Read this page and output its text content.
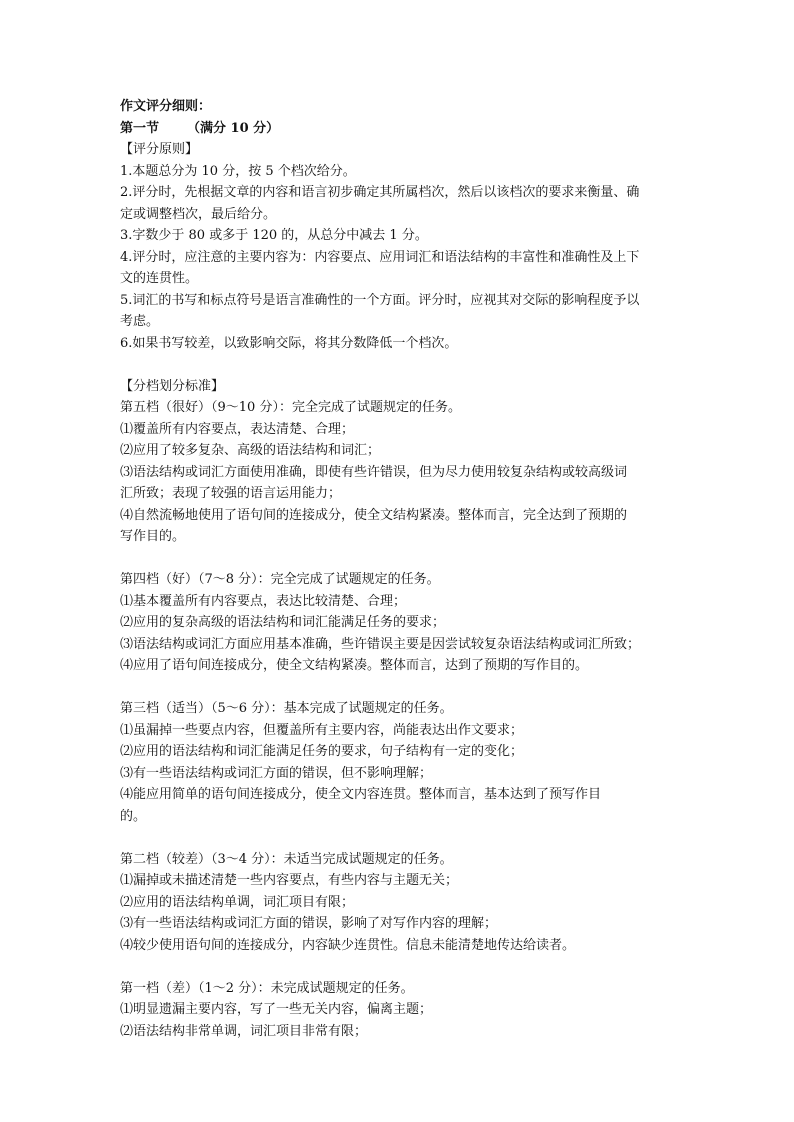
作文评分细则：
第一节 （满分 10 分）
【评分原则】
1.本题总分为 10 分，按 5 个档次给分。
2.评分时，先根据文章的内容和语言初步确定其所属档次，然后以该档次的要求来衡量、确
定或调整档次，最后给分。
3.字数少于 80 或多于 120 的，从总分中减去 1 分。
4.评分时，应注意的主要内容为：内容要点、应用词汇和语法结构的丰富性和准确性及上下
文的连贯性。
5.词汇的书写和标点符号是语言准确性的一个方面。评分时，应视其对交际的影响程度予以
考虑。
6.如果书写较差，以致影响交际，将其分数降低一个档次。
【分档划分标准】
第五档（很好）（9～10 分）：完全完成了试题规定的任务。
⑴覆盖所有内容要点，表达清楚、合理；
⑵应用了较多复杂、高级的语法结构和词汇；
⑶语法结构或词汇方面使用准确，即使有些许错误，但为尽力使用较复杂结构或较高级词
汇所致；表现了较强的语言运用能力；
⑷自然流畅地使用了语句间的连接成分，使全文结构紧凑。整体而言，完全达到了预期的
写作目的。
第四档（好）（7～8 分）：完全完成了试题规定的任务。
⑴基本覆盖所有内容要点，表达比较清楚、合理；
⑵应用的复杂高级的语法结构和词汇能满足任务的要求；
⑶语法结构或词汇方面应用基本准确，些许错误主要是因尝试较复杂语法结构或词汇所致；
⑷应用了语句间连接成分，使全文结构紧凑。整体而言，达到了预期的写作目的。
第三档（适当）（5～6 分）：基本完成了试题规定的任务。
⑴虽漏掉一些要点内容，但覆盖所有主要内容，尚能表达出作文要求；
⑵应用的语法结构和词汇能满足任务的要求，句子结构有一定的变化；
⑶有一些语法结构或词汇方面的错误，但不影响理解；
⑷能应用简单的语句间连接成分，使全文内容连贯。整体而言，基本达到了预写作目
的。
第二档（较差）（3～4 分）：未适当完成试题规定的任务。
⑴漏掉或未描述清楚一些内容要点，有些内容与主题无关；
⑵应用的语法结构单调，词汇项目有限；
⑶有一些语法结构或词汇方面的错误，影响了对写作内容的理解；
⑷较少使用语句间的连接成分，内容缺少连贯性。信息未能清楚地传达给读者。
第一档（差）（1～2 分）：未完成试题规定的任务。
⑴明显遗漏主要内容，写了一些无关内容，偏离主题；
⑵语法结构非常单调，词汇项目非常有限；
